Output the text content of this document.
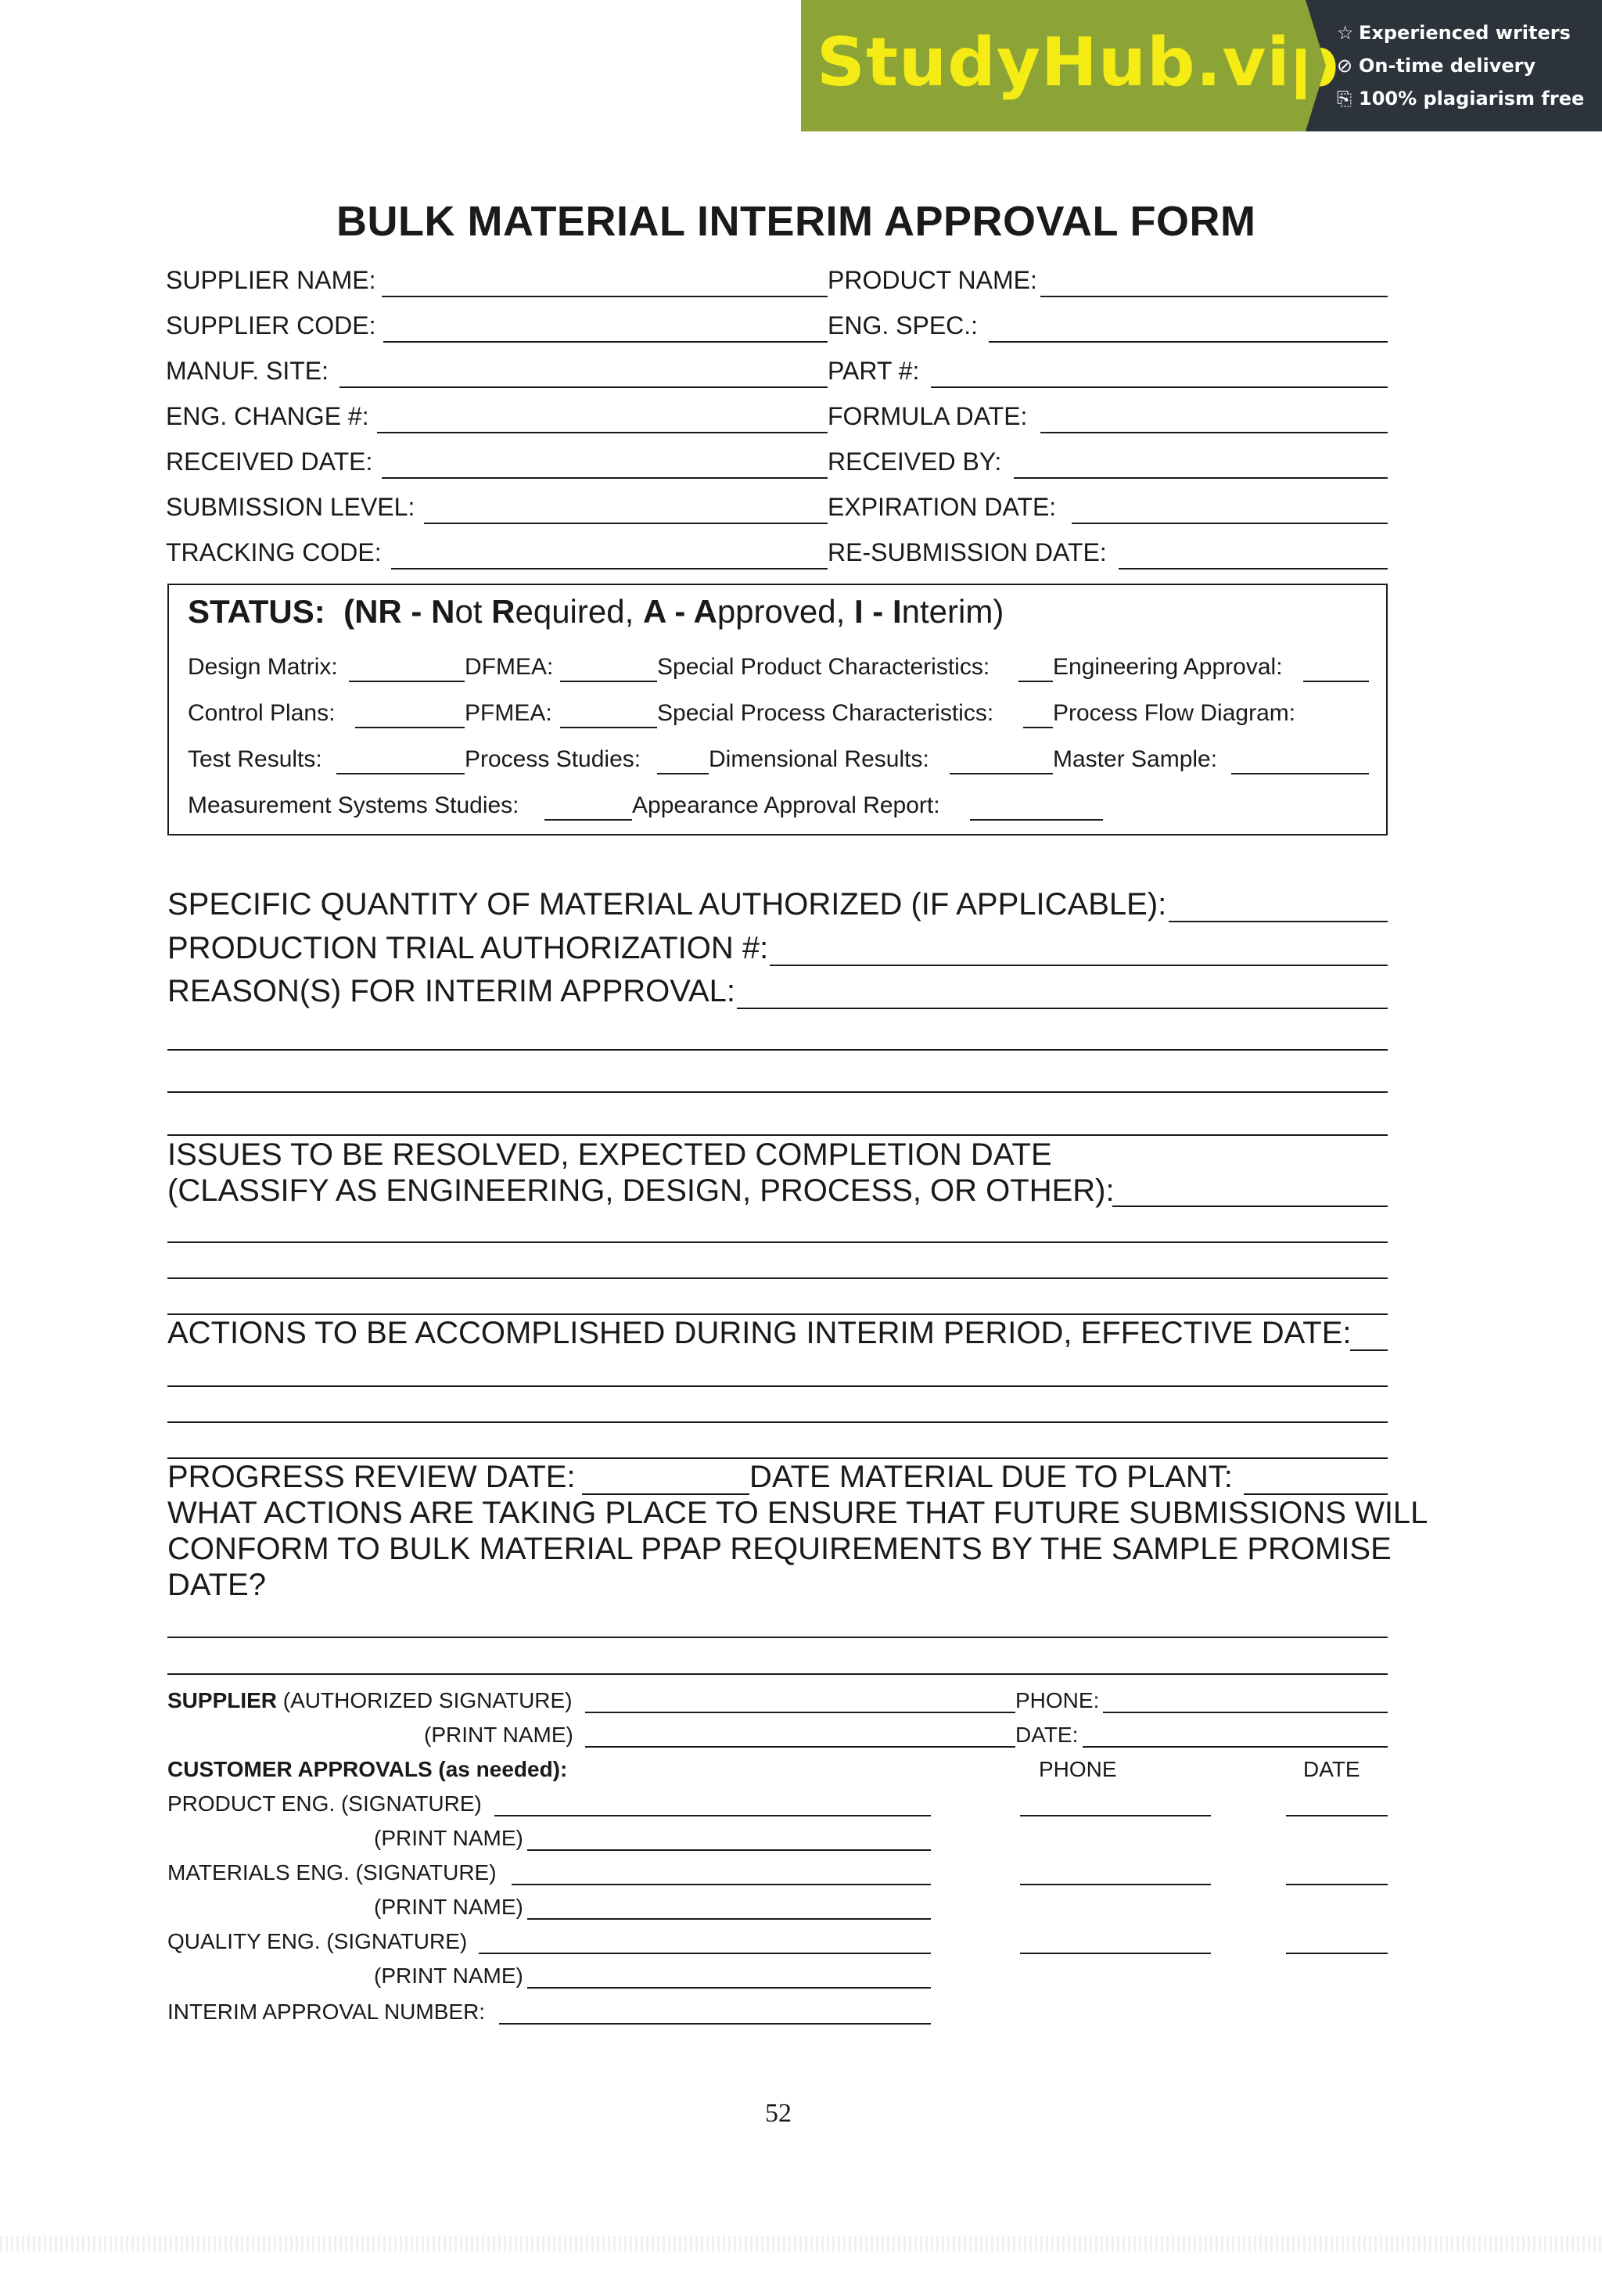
StudyHub.vip
☆ Experienced writers
⊘ On-time delivery
⎘ 100% plagiarism free
BULK MATERIAL INTERIM APPROVAL FORM
SUPPLIER NAME:	PRODUCT NAME:
SUPPLIER CODE:	ENG. SPEC.:
MANUF. SITE:	PART #:
ENG. CHANGE #:	FORMULA DATE:
RECEIVED DATE:	RECEIVED BY:
SUBMISSION LEVEL:	EXPIRATION DATE:
TRACKING CODE:	RE-SUBMISSION DATE:
STATUS: (NR - Not Required, A - Approved, I - Interim)
Design Matrix:	DFMEA:	Special Product Characteristics:	Engineering Approval:
Control Plans:	PFMEA:	Special Process Characteristics:	Process Flow Diagram:
Test Results:	Process Studies:	Dimensional Results:	Master Sample:
Measurement Systems Studies:	Appearance Approval Report:
SPECIFIC QUANTITY OF MATERIAL AUTHORIZED (IF APPLICABLE):
PRODUCTION TRIAL AUTHORIZATION #:
REASON(S) FOR INTERIM APPROVAL:
ISSUES TO BE RESOLVED, EXPECTED COMPLETION DATE
(CLASSIFY AS ENGINEERING, DESIGN, PROCESS, OR OTHER):
ACTIONS TO BE ACCOMPLISHED DURING INTERIM PERIOD, EFFECTIVE DATE:
PROGRESS REVIEW DATE:	DATE MATERIAL DUE TO PLANT:
WHAT ACTIONS ARE TAKING PLACE TO ENSURE THAT FUTURE SUBMISSIONS WILL
CONFORM TO BULK MATERIAL PPAP REQUIREMENTS BY THE SAMPLE PROMISE
DATE?
SUPPLIER (AUTHORIZED SIGNATURE)	PHONE:
(PRINT NAME)	DATE:
CUSTOMER APPROVALS (as needed):	PHONE	DATE
PRODUCT ENG. (SIGNATURE)
(PRINT NAME)
MATERIALS ENG. (SIGNATURE)
(PRINT NAME)
QUALITY ENG. (SIGNATURE)
(PRINT NAME)
INTERIM APPROVAL NUMBER:
52
